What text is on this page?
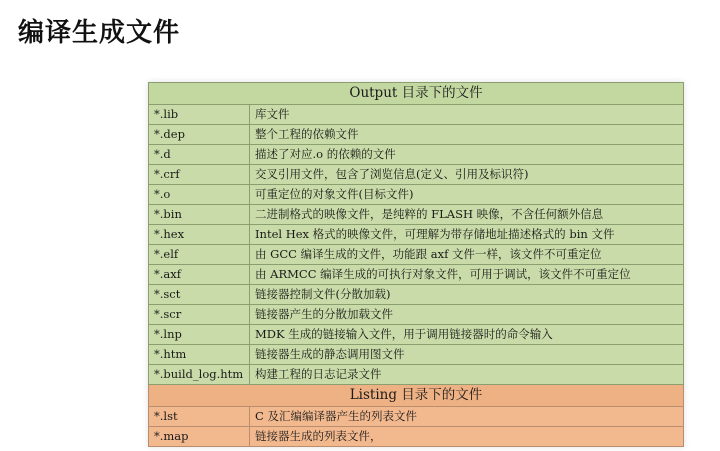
编译生成文件
Output 目录下的文件	
*.lib	库文件
*.dep	整个工程的依赖文件
*.d	描述了对应.o 的依赖的文件
*.crf	交叉引用文件，包含了浏览信息(定义、引用及标识符)
*.o	可重定位的对象文件(目标文件)
*.bin	二进制格式的映像文件，是纯粹的 FLASH 映像，不含任何额外信息
*.hex	Intel Hex 格式的映像文件，可理解为带存储地址描述格式的 bin 文件
*.elf	由 GCC 编译生成的文件，功能跟 axf 文件一样，该文件不可重定位
*.axf	由 ARMCC 编译生成的可执行对象文件，可用于调试，该文件不可重定位
*.sct	链接器控制文件(分散加载)
*.scr	链接器产生的分散加载文件
*.lnp	MDK 生成的链接输入文件，用于调用链接器时的命令输入
*.htm	链接器生成的静态调用图文件
*.build_log.htm	构建工程的日志记录文件
Listing 目录下的文件	
*.lst	C 及汇编编译器产生的列表文件
*.map	链接器生成的列表文件，
